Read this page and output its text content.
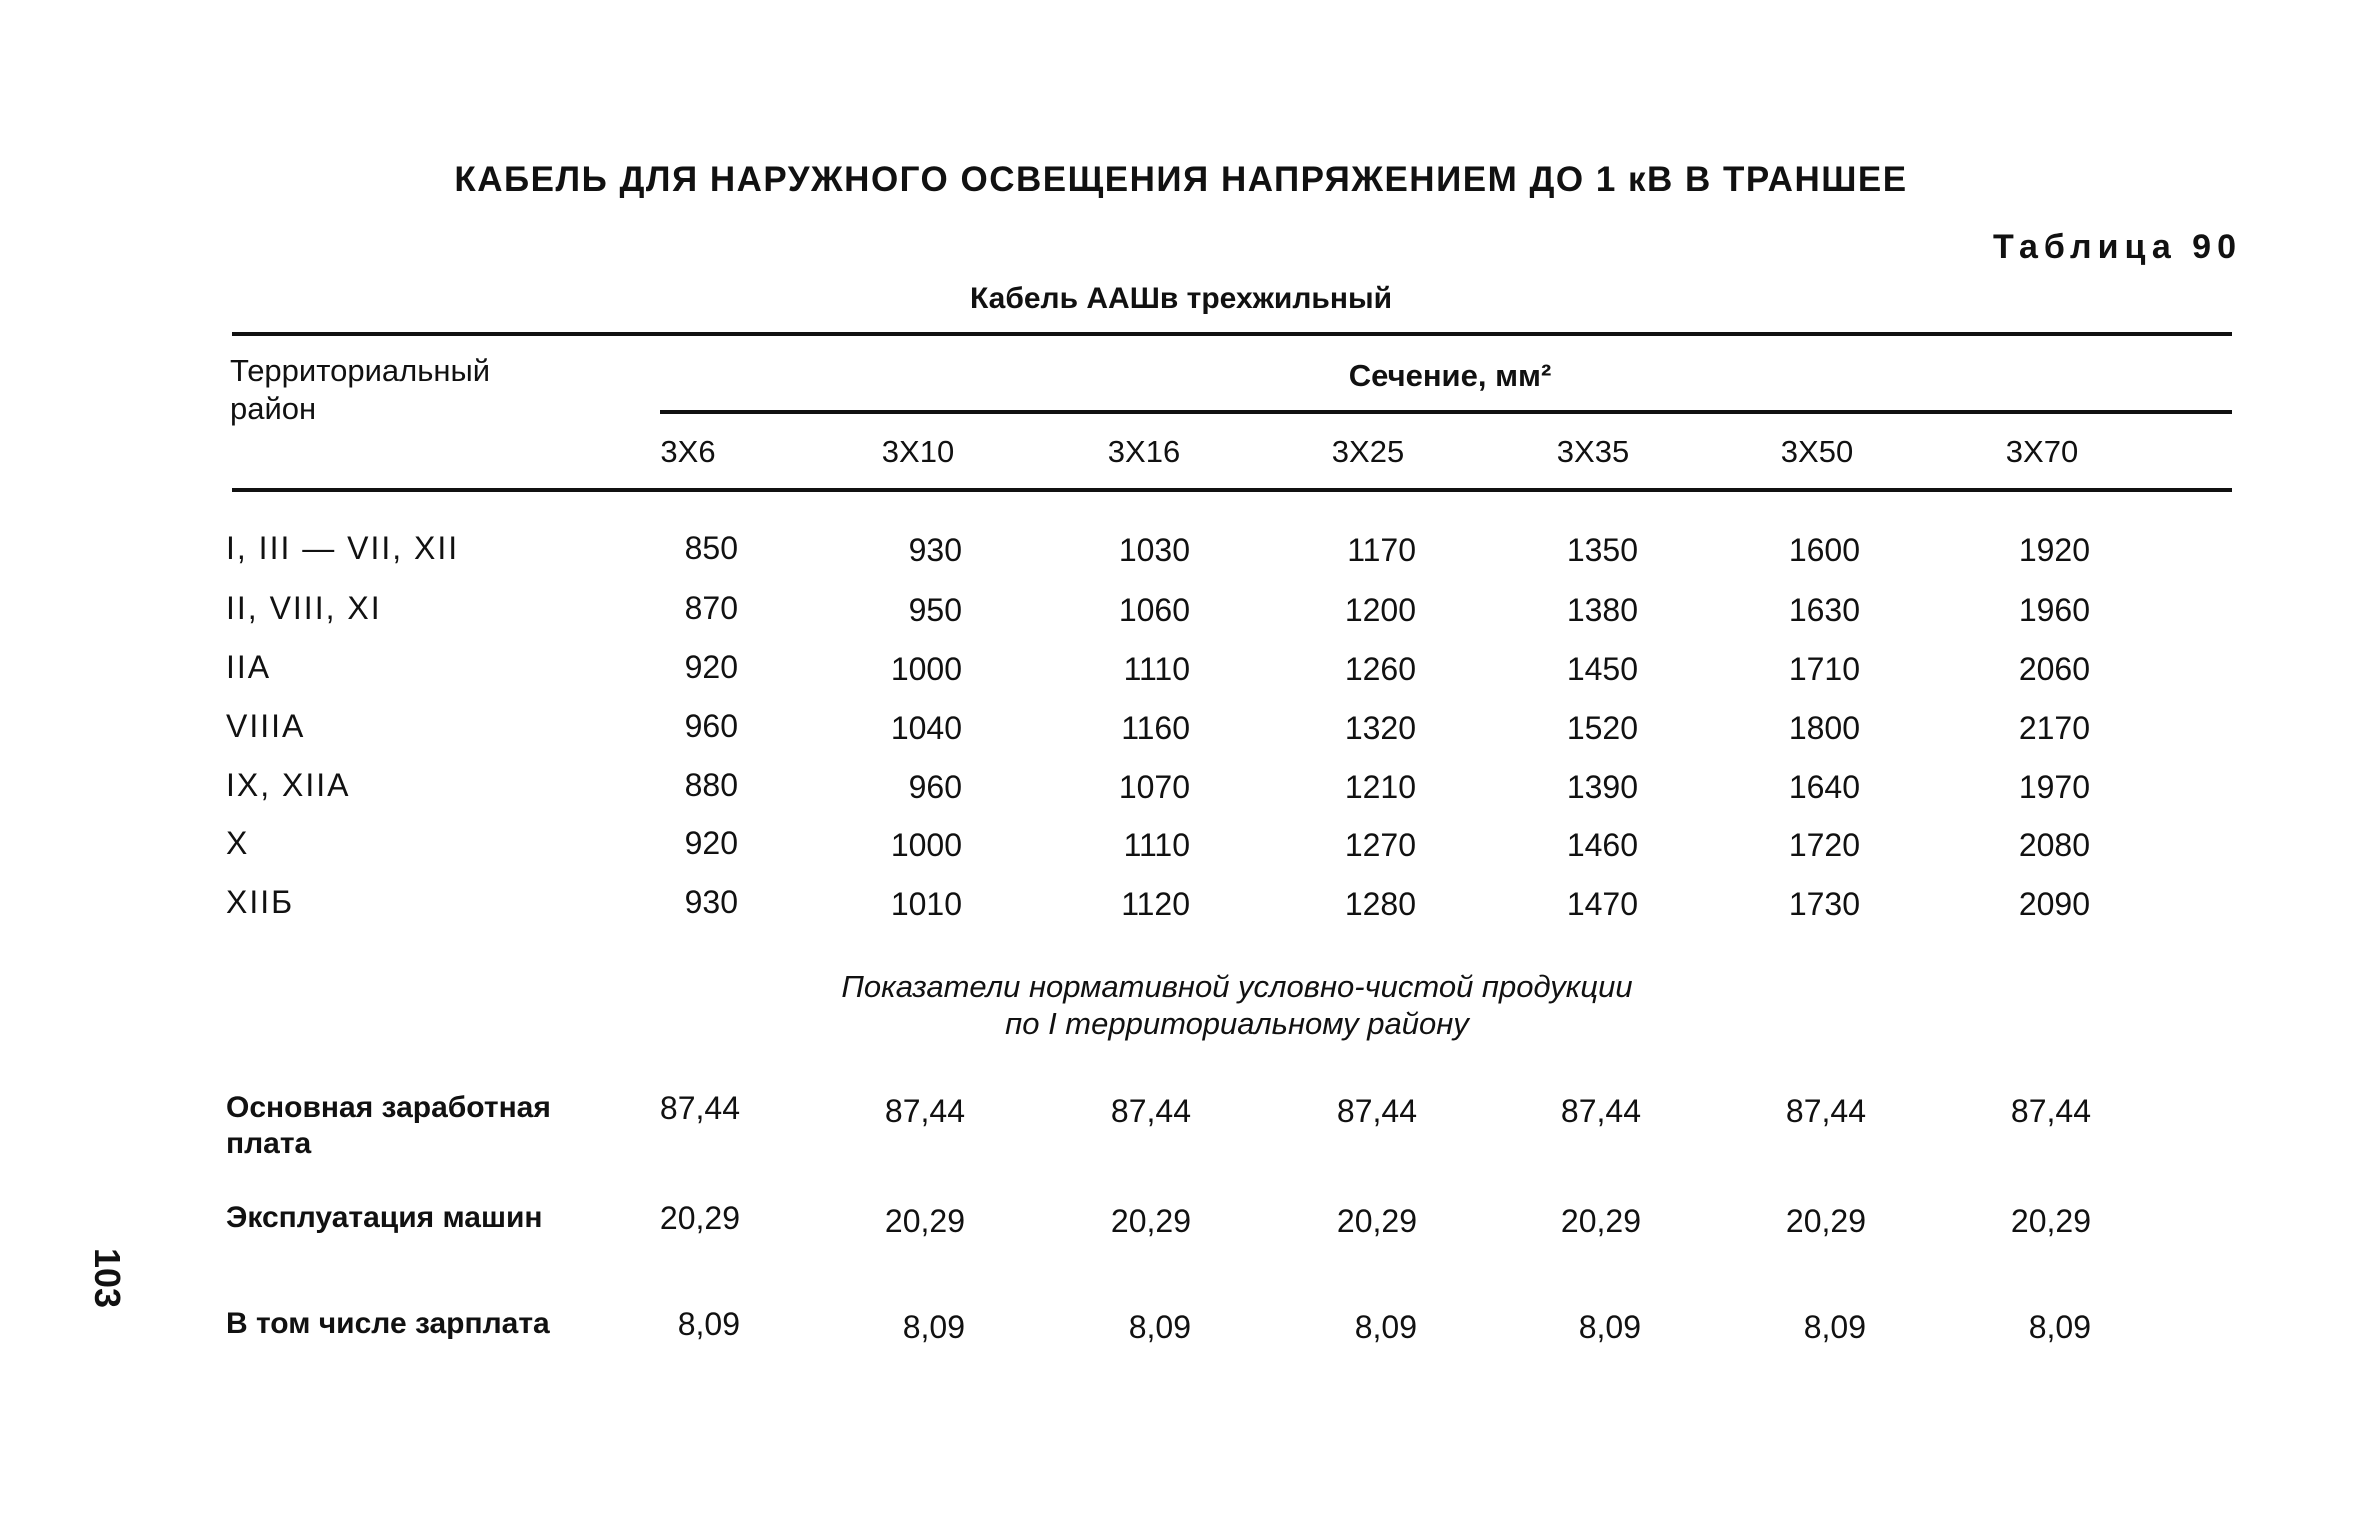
КАБЕЛЬ ДЛЯ НАРУЖНОГО ОСВЕЩЕНИЯ НАПРЯЖЕНИЕМ ДО 1 кВ В ТРАНШЕЕ
Таблица 90
Кабель ААШв трехжильный
Территориальный
район
Сечение, мм²
3Х6	3Х10	3Х16	3Х25	3Х35	3Х50	3Х70
I, III — VII, XII	850	930	1030	1170	1350	1600	1920
II, VIII, XI	870	950	1060	1200	1380	1630	1960
IIА	920	1000	1110	1260	1450	1710	2060
VIIIА	960	1040	1160	1320	1520	1800	2170
IX, XIIА	880	960	1070	1210	1390	1640	1970
X	920	1000	1110	1270	1460	1720	2080
XIIБ	930	1010	1120	1280	1470	1730	2090
Показатели нормативной условно-чистой продукции
по I территориальному району
Основная заработная
плата
87,44	87,44	87,44	87,44	87,44	87,44	87,44
Эксплуатация машин	20,29	20,29	20,29	20,29	20,29	20,29	20,29
В том числе зарплата	8,09	8,09	8,09	8,09	8,09	8,09	8,09
103
